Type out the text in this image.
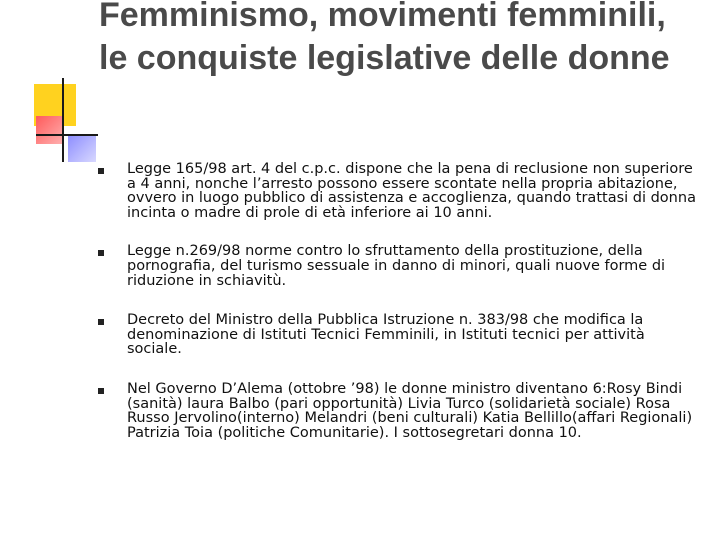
Femminismo, movimenti femminili, le conquiste legislative delle donne
Legge 165/98 art. 4 del c.p.c. dispone che la pena di reclusione non superiore a 4 anni, nonche l’arresto possono essere scontate nella propria abitazione, ovvero in luogo pubblico di assistenza e accoglienza, quando trattasi di donna incinta o madre di prole di età inferiore ai 10 anni.
Legge n.269/98 norme contro lo sfruttamento della prostituzione, della pornografia, del turismo sessuale in danno di minori, quali nuove forme di riduzione in schiavitù.
Decreto del Ministro della Pubblica Istruzione n. 383/98 che modifica la denominazione di Istituti Tecnici Femminili, in Istituti tecnici per attività sociale.
Nel Governo D’Alema (ottobre ’98) le donne ministro diventano 6:Rosy Bindi (sanità) laura Balbo (pari opportunità) Livia Turco (solidarietà sociale) Rosa Russo Jervolino(interno) Melandri (beni culturali) Katia Bellillo(affari Regionali) Patrizia Toia (politiche Comunitarie). I sottosegretari donna 10.
